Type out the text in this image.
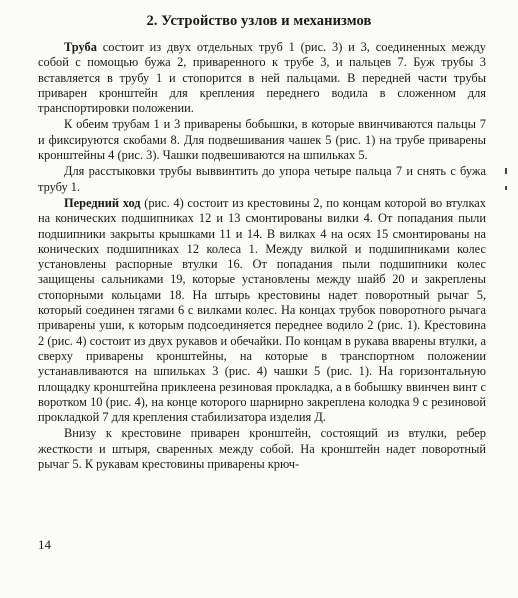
2. Устройство узлов и механизмов

Труба состоит из двух отдельных труб 1 (рис. 3) и 3, соединенных между собой с помощью бужа 2, приваренного к трубе 3, и пальцев 7. Буж трубы 3 вставляется в трубу 1 и стопорится в ней пальцами. В передней части трубы приварен кронштейн для крепления переднего водила в сложенном для транспортировки положении.

К обеим трубам 1 и 3 приварены бобышки, в которые ввинчиваются пальцы 7 и фиксируются скобами 8. Для подвешивания чашек 5 (рис. 1) на трубе приварены кронштейны 4 (рис. 3). Чашки подвешиваются на шпильках 5.

Для расстыковки трубы выввинтить до упора четыре пальца 7 и снять с бужа трубу 1.

Передний ход (рис. 4) состоит из крестовины 2, по концам которой во втулках на конических подшипниках 12 и 13 смонтированы вилки 4. От попадания пыли подшипники закрыты крышками 11 и 14. В вилках 4 на осях 15 смонтированы на конических подшипниках 12 колеса 1. Между вилкой и подшипниками колес установлены распорные втулки 16. От попадания пыли подшипники колес защищены сальниками 19, которые установлены между шайб 20 и закреплены стопорными кольцами 18. На штырь крестовины надет поворотный рычаг 5, который соединен тягами 6 с вилками колес. На концах трубок поворотного рычага приварены уши, к которым подсоединяется переднее водило 2 (рис. 1). Крестовина 2 (рис. 4) состоит из двух рукавов и обечайки. По концам в рукава вварены втулки, а сверху приварены кронштейны, на которые в транспортном положении устанавливаются на шпильках 3 (рис. 4) чашки 5 (рис. 1). На горизонтальную площадку кронштейна приклеена резиновая прокладка, а в бобышку ввинчен винт с воротком 10 (рис. 4), на конце которого шарнирно закреплена колодка 9 с резиновой прокладкой 7 для крепления стабилизатора изделия Д.

Внизу к крестовине приварен кронштейн, состоящий из втулки, ребер жесткости и штыря, сваренных между собой. На кронштейн надет поворотный рычаг 5. К рукавам крестовины приварены крюч-

14
